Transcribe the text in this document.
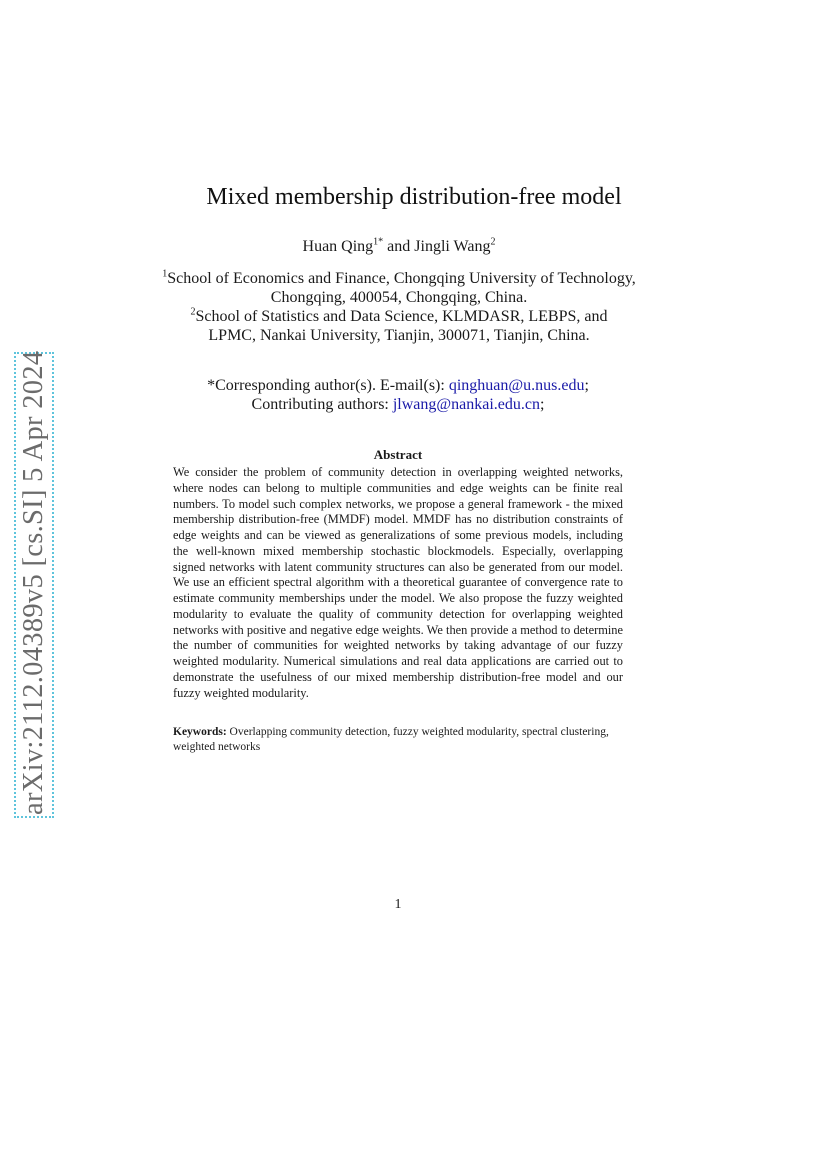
arXiv:2112.04389v5 [cs.SI] 5 Apr 2024
Mixed membership distribution-free model
Huan Qing$^{1*}$ and Jingli Wang$^2$
$^1$School of Economics and Finance, Chongqing University of Technology,
Chongqing, 400054, Chongqing, China.
$^2$School of Statistics and Data Science, KLMDASR, LEBPS, and
LPMC, Nankai University, Tianjin, 300071, Tianjin, China.
*Corresponding author(s). E-mail(s): qinghuan@u.nus.edu;
Contributing authors: jlwang@nankai.edu.cn;
Abstract

We consider the problem of community detection in overlapping weighted networks, where nodes can belong to multiple communities and edge weights can be finite real numbers. To model such complex networks, we propose a general framework - the mixed membership distribution-free (MMDF) model. MMDF has no distribution constraints of edge weights and can be viewed as generalizations of some previous models, including the well-known mixed membership stochastic blockmodels. Especially, overlapping signed networks with latent community structures can also be generated from our model. We use an efficient spectral algorithm with a theoretical guarantee of convergence rate to estimate community memberships under the model. We also propose the fuzzy weighted modularity to evaluate the quality of community detection for overlapping weighted networks with positive and negative edge weights. We then provide a method to determine the number of communities for weighted networks by taking advantage of our fuzzy weighted modularity. Numerical simulations and real data applications are carried out to demonstrate the usefulness of our mixed membership distribution-free model and our fuzzy weighted modularity.

Keywords: Overlapping community detection, fuzzy weighted modularity, spectral clustering, weighted networks

1
